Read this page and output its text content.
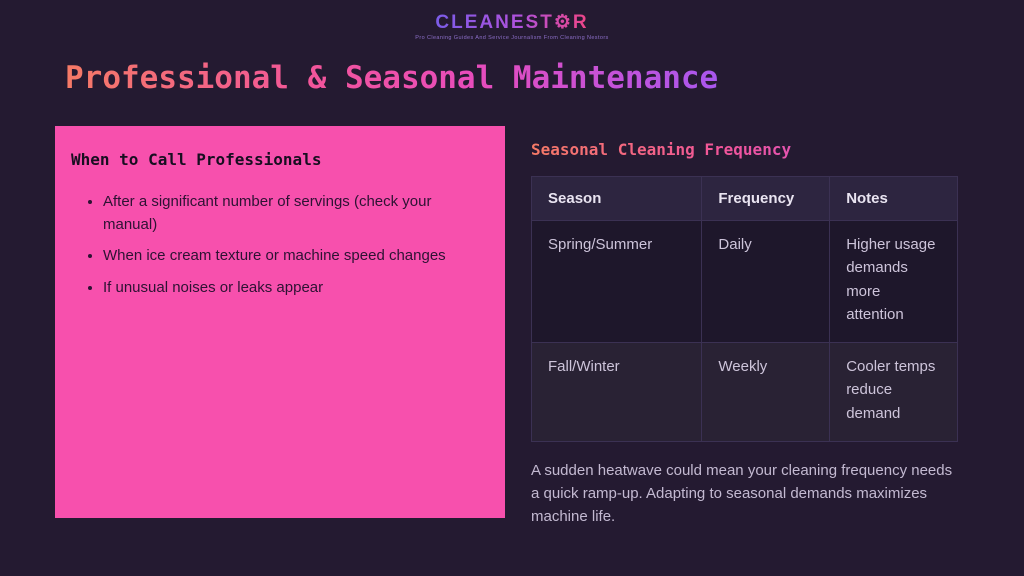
CLEANEST⚙R
Pro Cleaning Guides And Service Journalism From Cleaning Nestors
Professional & Seasonal Maintenance
When to Call Professionals
• After a significant number of servings (check your manual)
• When ice cream texture or machine speed changes
• If unusual noises or leaks appear
Seasonal Cleaning Frequency
Season	Frequency	Notes
Spring/Summer	Daily	Higher usage demands more attention
Fall/Winter	Weekly	Cooler temps reduce demand

A sudden heatwave could mean your cleaning frequency needs a quick ramp-up. Adapting to seasonal demands maximizes machine life.
